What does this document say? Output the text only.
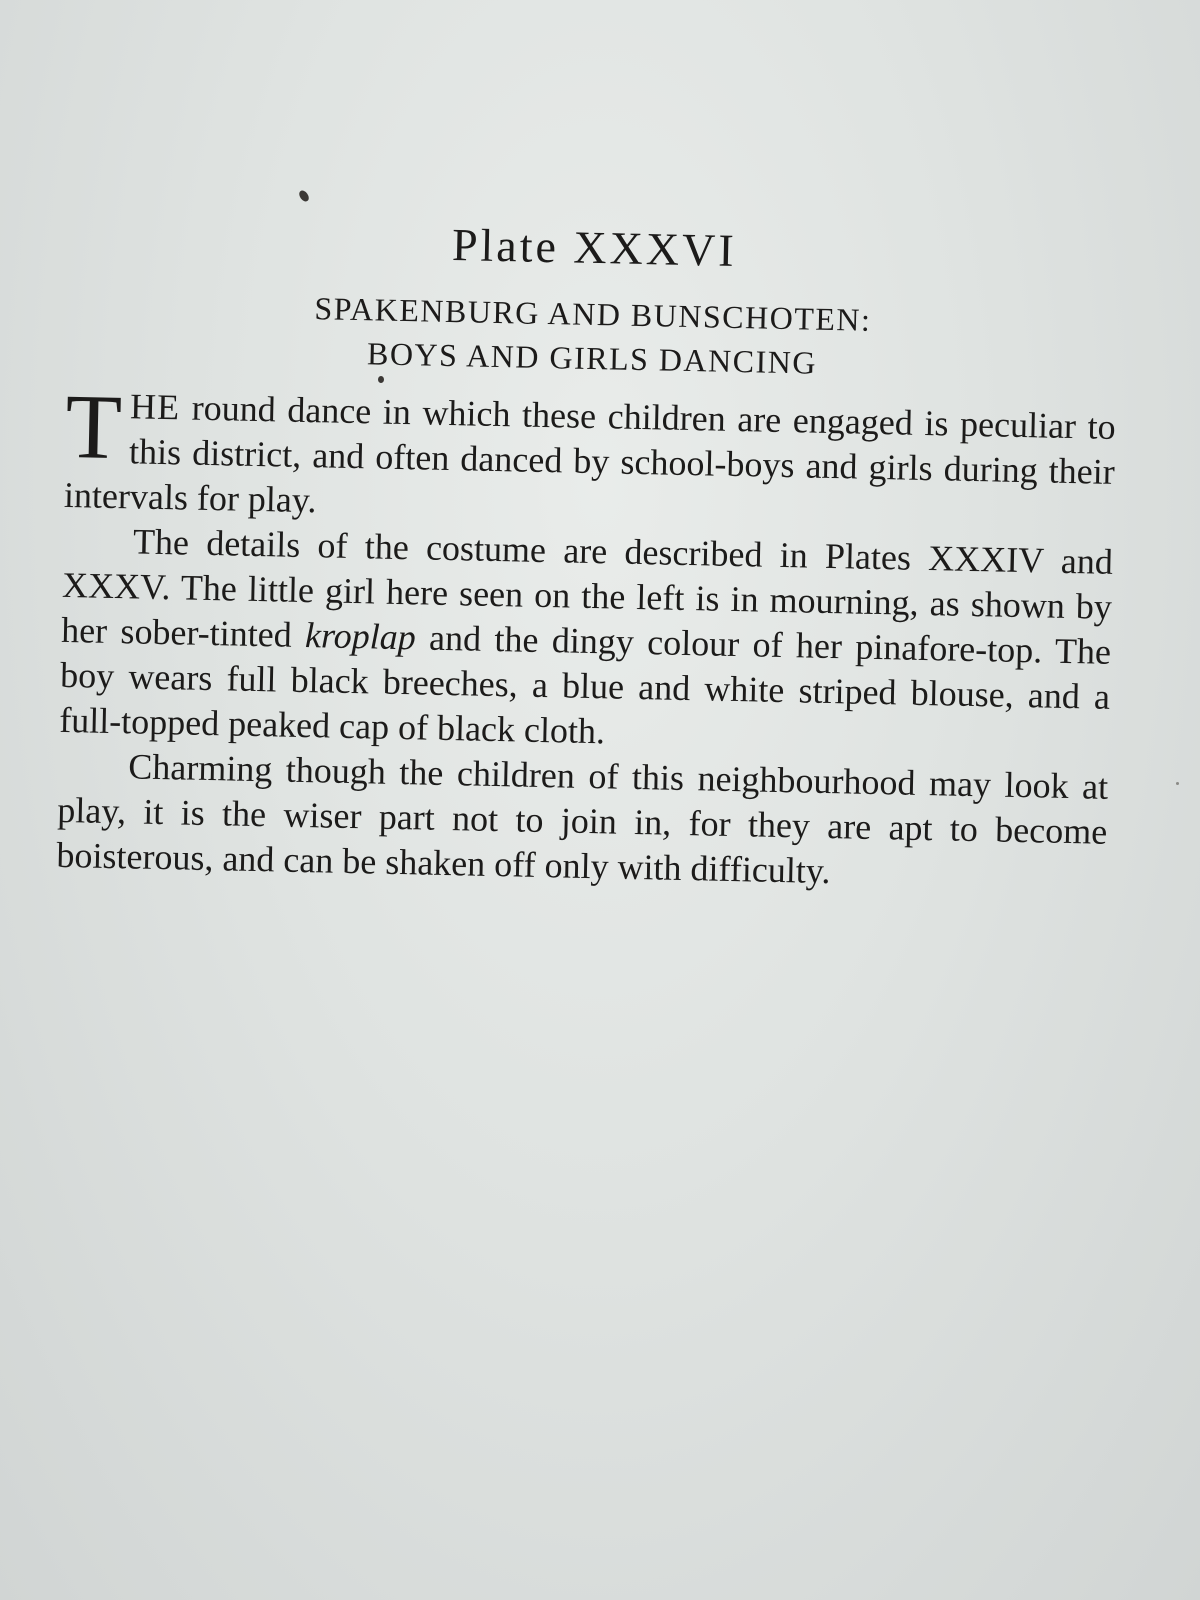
Plate XXXVI
SPAKENBURG AND BUNSCHOTEN:
BOYS AND GIRLS DANCING

THE round dance in which these children are engaged is peculiar to this district, and often danced by school-boys and girls during their intervals for play.

The details of the costume are described in Plates XXXIV and XXXV. The little girl here seen on the left is in mourning, as shown by her sober-tinted kroplap and the dingy colour of her pinafore-top. The boy wears full black breeches, a blue and white striped blouse, and a full-topped peaked cap of black cloth.

Charming though the children of this neighbourhood may look at play, it is the wiser part not to join in, for they are apt to become boisterous, and can be shaken off only with difficulty.
